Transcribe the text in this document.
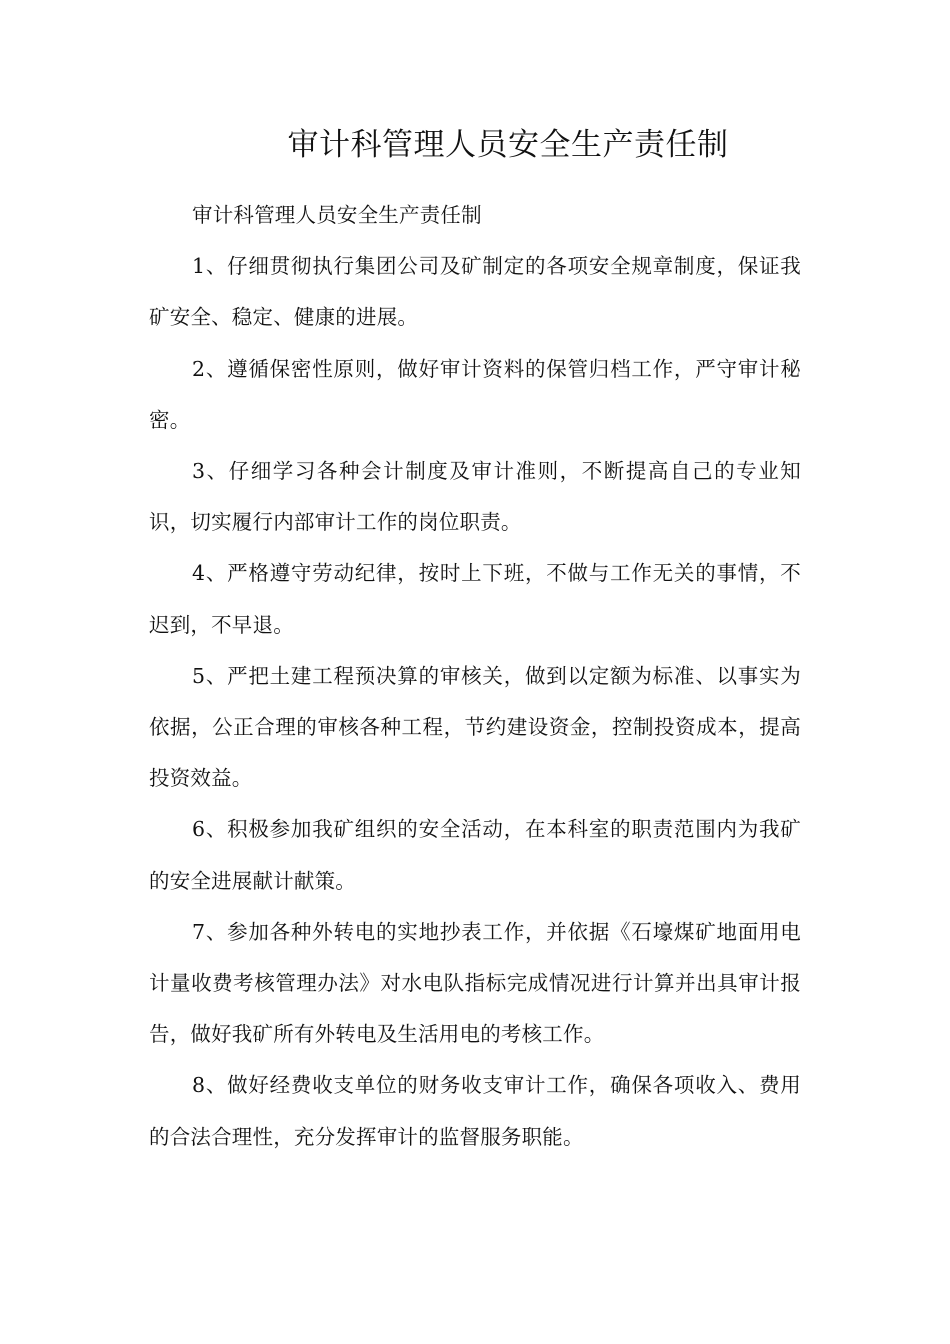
审计科管理人员安全生产责任制

审计科管理人员安全生产责任制

1、仔细贯彻执行集团公司及矿制定的各项安全规章制度，保证我矿安全、稳定、健康的进展。

2、遵循保密性原则，做好审计资料的保管归档工作，严守审计秘密。

3、仔细学习各种会计制度及审计准则，不断提高自己的专业知识，切实履行内部审计工作的岗位职责。

4、严格遵守劳动纪律，按时上下班，不做与工作无关的事情，不迟到，不早退。

5、严把土建工程预决算的审核关，做到以定额为标准、以事实为依据，公正合理的审核各种工程，节约建设资金，控制投资成本，提高投资效益。

6、积极参加我矿组织的安全活动，在本科室的职责范围内为我矿的安全进展献计献策。

7、参加各种外转电的实地抄表工作，并依据《石壕煤矿地面用电计量收费考核管理办法》对水电队指标完成情况进行计算并出具审计报告，做好我矿所有外转电及生活用电的考核工作。

8、做好经费收支单位的财务收支审计工作，确保各项收入、费用的合法合理性，充分发挥审计的监督服务职能。
